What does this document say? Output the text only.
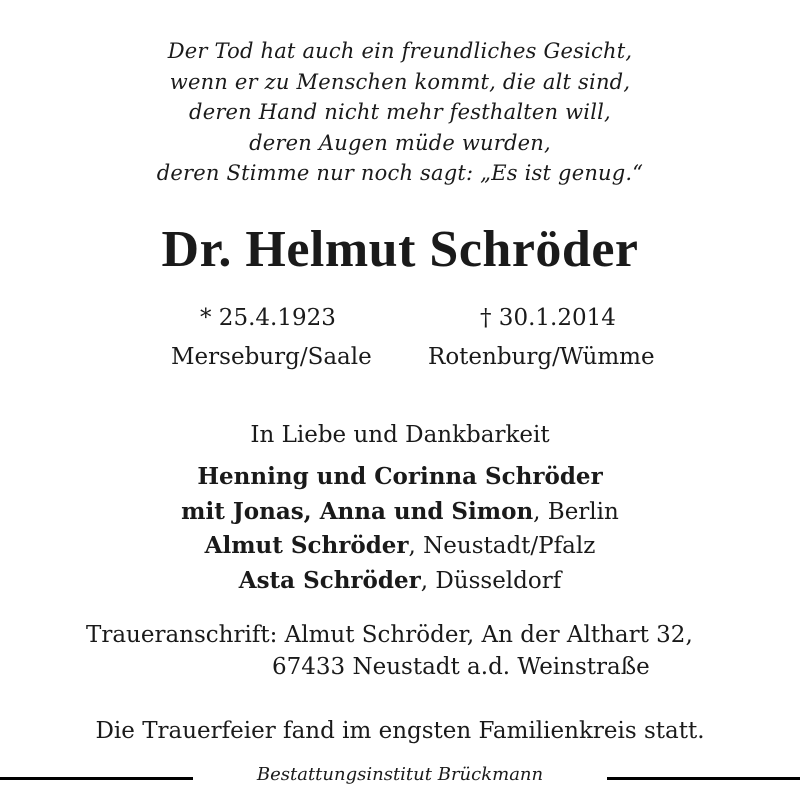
Der Tod hat auch ein freundliches Gesicht,
wenn er zu Menschen kommt, die alt sind,
deren Hand nicht mehr festhalten will,
deren Augen müde wurden,
deren Stimme nur noch sagt: „Es ist genug.“
Dr. Helmut Schröder
* 25.4.1923
Merseburg/Saale
† 30.1.2014
Rotenburg/Wümme
In Liebe und Dankbarkeit
Henning und Corinna Schröder
mit Jonas, Anna und Simon, Berlin
Almut Schröder, Neustadt/Pfalz
Asta Schröder, Düsseldorf
Traueranschrift: Almut Schröder, An der Althart 32,
67433 Neustadt a.d. Weinstraße
Die Trauerfeier fand im engsten Familienkreis statt.
Bestattungsinstitut Brückmann
